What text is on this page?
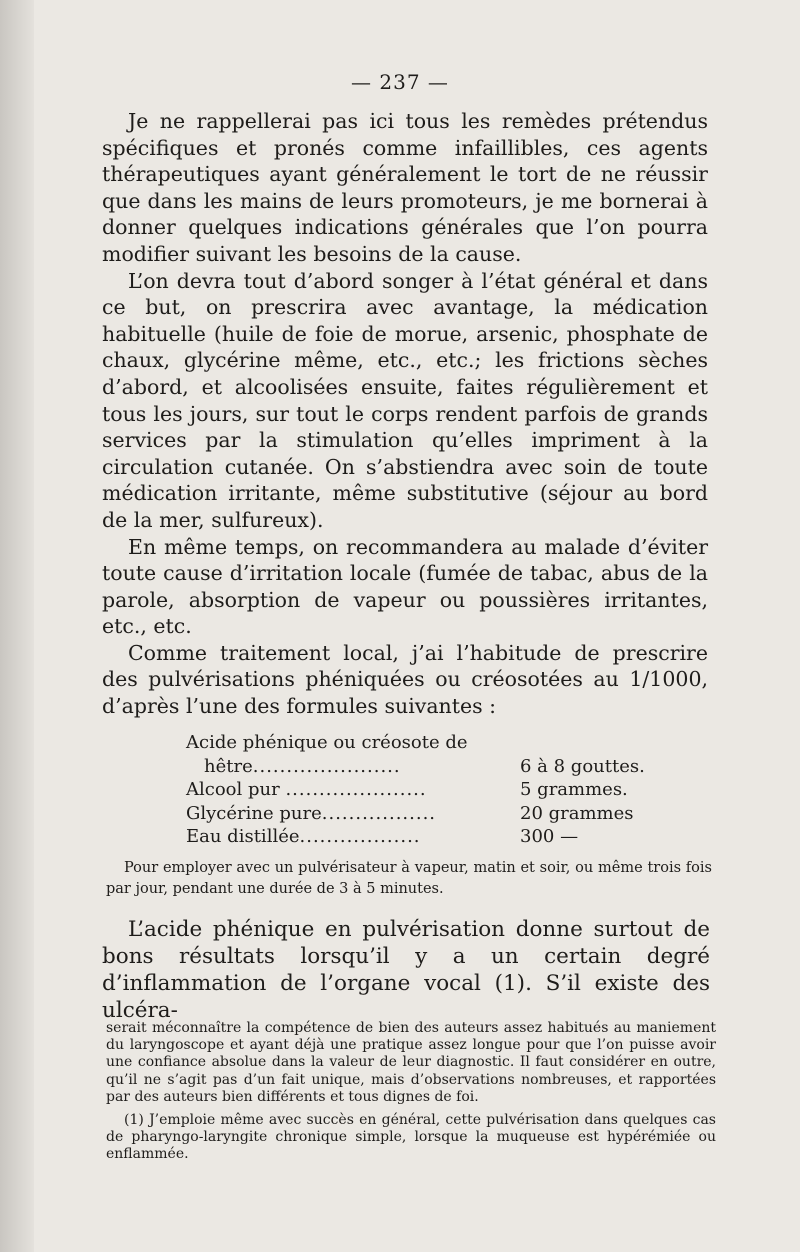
— 237 —

Je ne rappellerai pas ici tous les remèdes prétendus spécifiques et pronés comme infaillibles, ces agents thérapeutiques ayant généralement le tort de ne réussir que dans les mains de leurs promoteurs, je me bornerai à donner quelques indications générales que l’on pourra modifier suivant les besoins de la cause.

L’on devra tout d’abord songer à l’état général et dans ce but, on prescrira avec avantage, la médication habituelle (huile de foie de morue, arsenic, phosphate de chaux, glycérine même, etc., etc.; les frictions sèches d’abord, et alcoolisées ensuite, faites régulièrement et tous les jours, sur tout le corps rendent parfois de grands services par la stimulation qu’elles impriment à la circulation cutanée. On s’abstiendra avec soin de toute médication irritante, même substitutive (séjour au bord de la mer, sulfureux).

En même temps, on recommandera au malade d’éviter toute cause d’irritation locale (fumée de tabac, abus de la parole, absorption de vapeur ou poussières irritantes, etc., etc.

Comme traitement local, j’ai l’habitude de prescrire des pulvérisations phéniquées ou créosotées au 1/1000, d’après l’une des formules suivantes :

Acide phénique ou créosote de
hêtre......................	6 à 8 gouttes.
Alcool pur .....................	5 grammes.
Glycérine pure.................	20 grammes
Eau distillée..................	300 —
Pour employer avec un pulvérisateur à vapeur, matin et soir, ou même trois fois par jour, pendant une durée de 3 à 5 minutes.
L’acide phénique en pulvérisation donne surtout de bons résultats lorsqu’il y a un certain degré d’inflammation de l’organe vocal (1). S’il existe des ulcéra-

serait méconnaître la compétence de bien des auteurs assez habitués au maniement du laryngoscope et ayant déjà une pratique assez longue pour que l’on puisse avoir une confiance absolue dans la valeur de leur diagnostic. Il faut considérer en outre, qu’il ne s’agit pas d’un fait unique, mais d’observations nombreuses, et rapportées par des auteurs bien différents et tous dignes de foi.

(1) J’emploie même avec succès en général, cette pulvérisation dans quelques cas de pharyngo-laryngite chronique simple, lorsque la muqueuse est hypérémiée ou enflammée.
